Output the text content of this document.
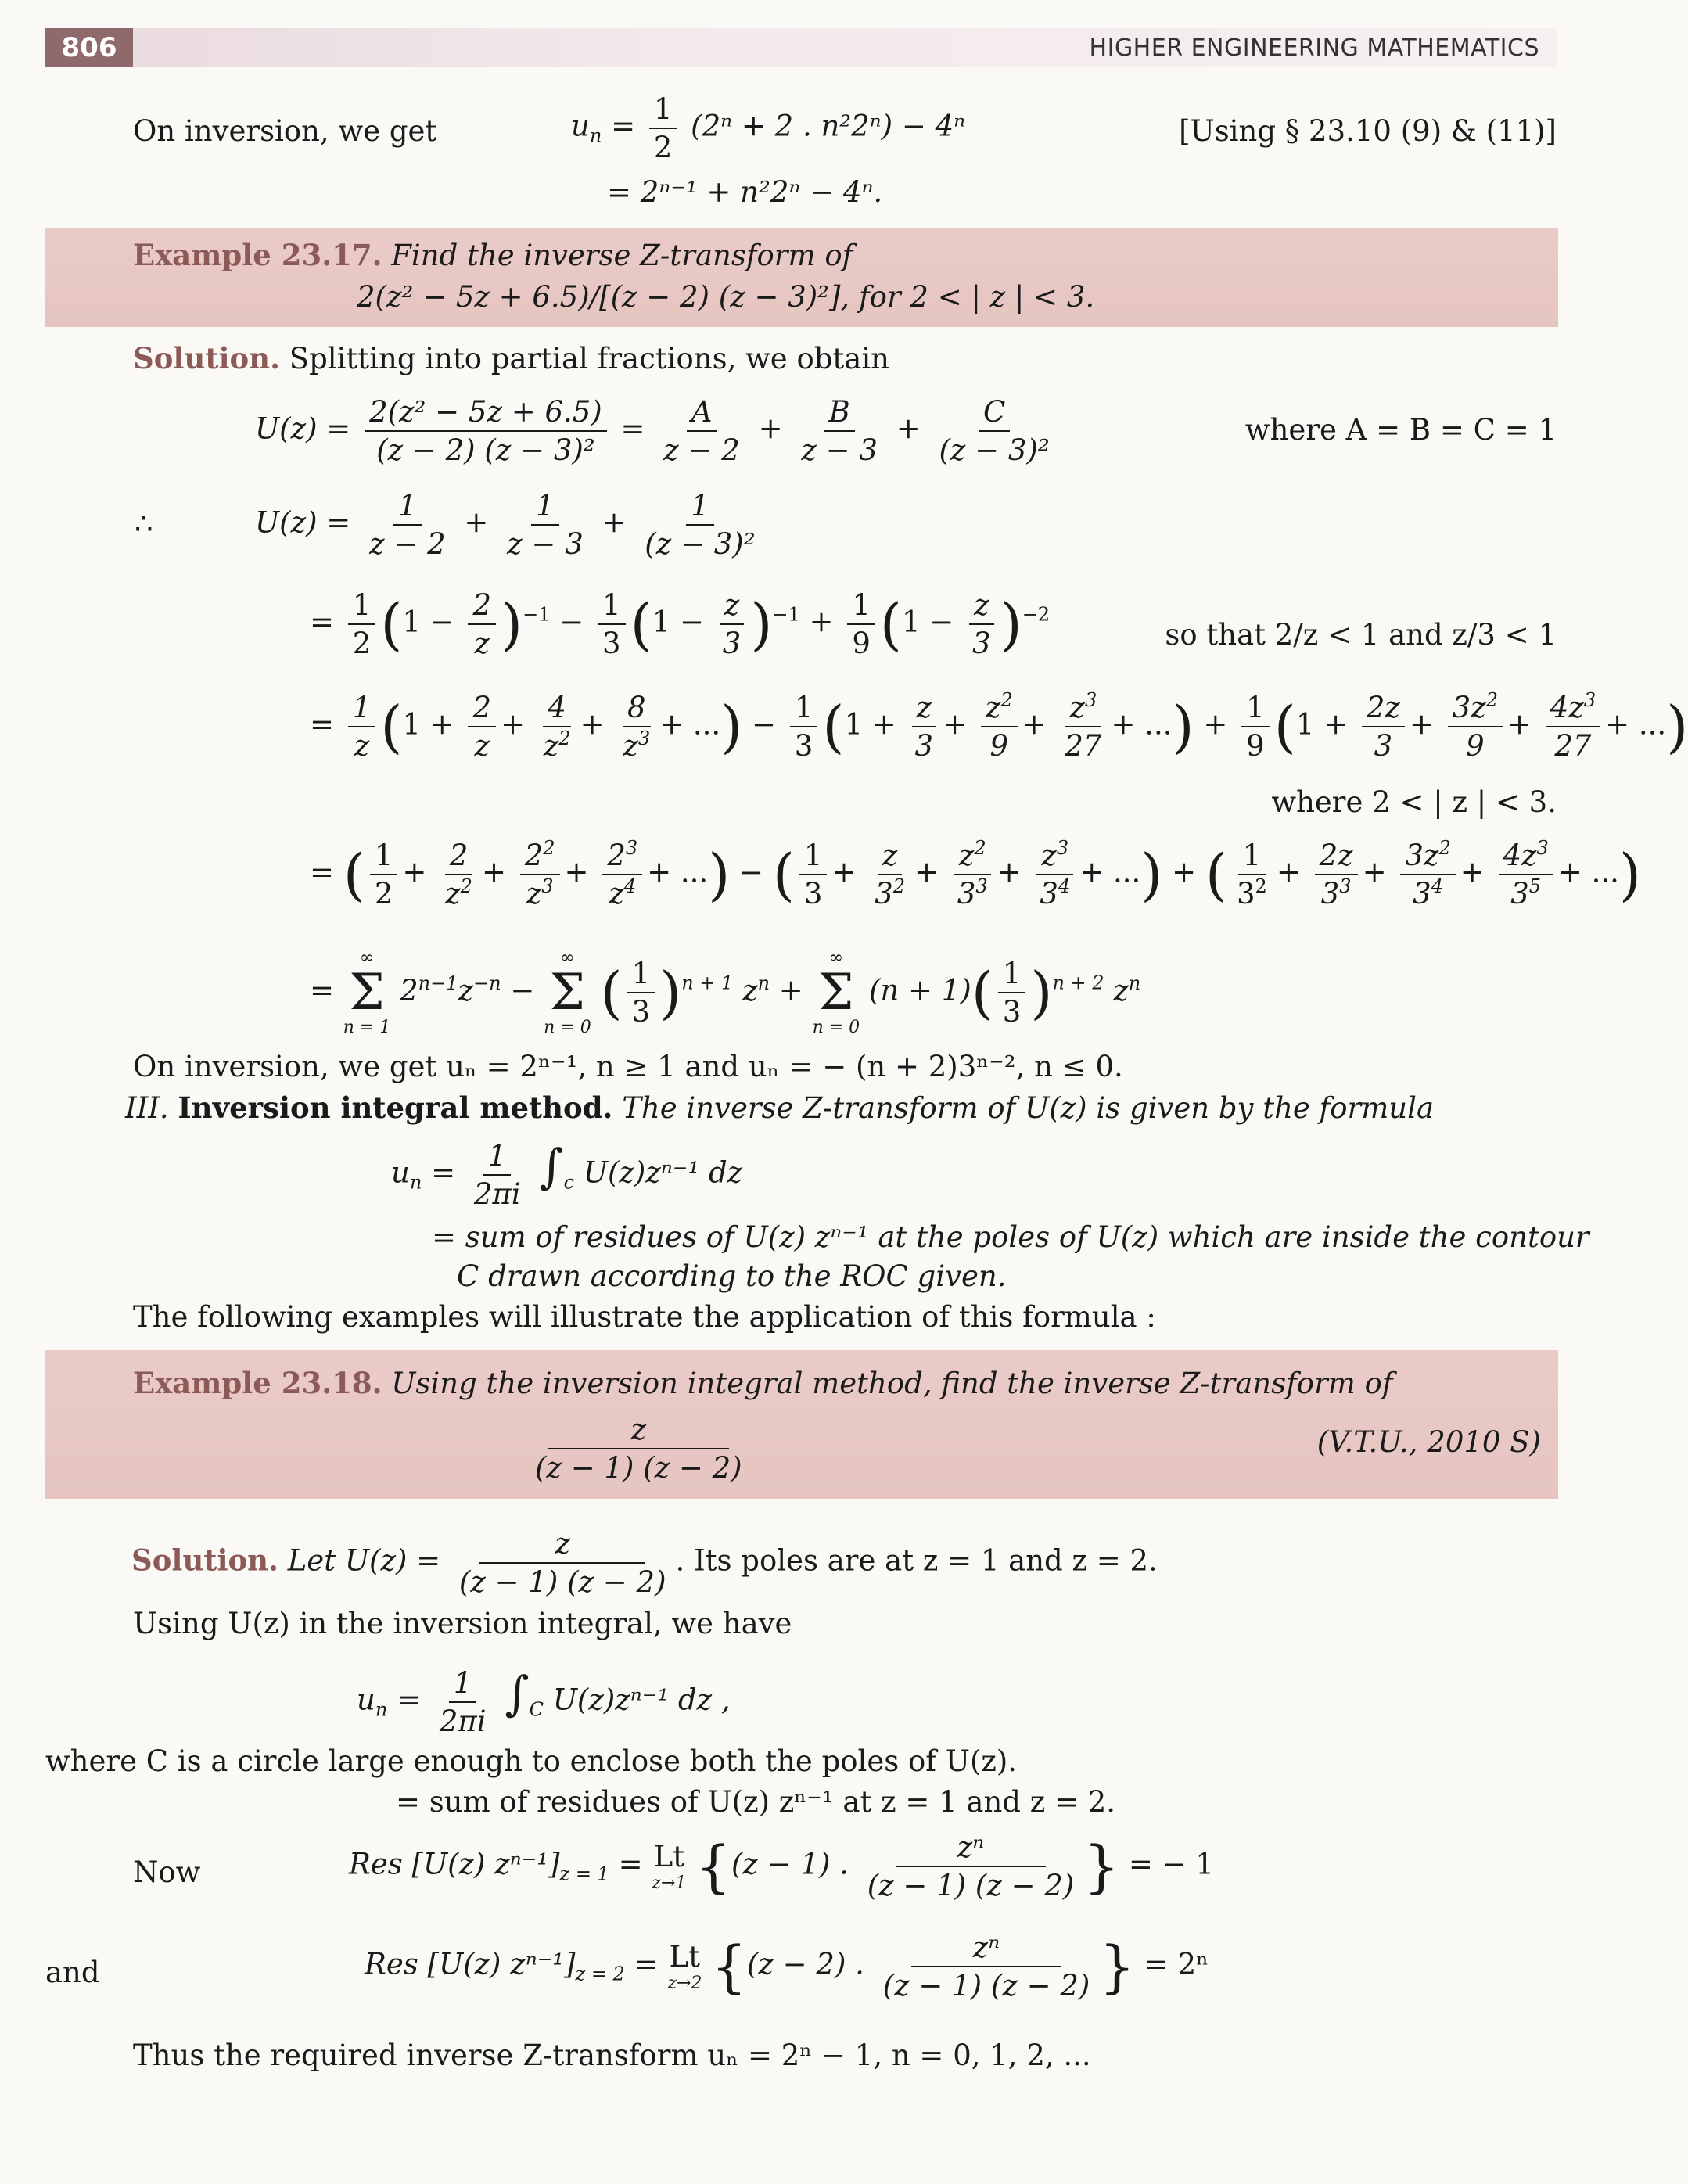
806	HIGHER ENGINEERING MATHEMATICS
On inversion, we get	$u_n = \frac{1}{2} (2^n + 2$ . n²2ⁿ) − 4ⁿ	[Using § 23.10 (9) & (11)]
= 2ⁿ⁻¹ + n²2ⁿ − 4ⁿ.
Example 23.17. Find the inverse Z-transform of
2(z² − 5z + 6.5)/[(z − 2) (z − 3)²], for 2 < | z | < 3.
Solution. Splitting into partial fractions, we obtain
$U(z) = \frac{\text{2(z² − 5z + 6.5)}}{\text{(z − 2) (z − 3)²}} = \frac{A}{z - 2} + \frac{B}{z - 3} + \frac{C}{\text{(z − 3)²}}$	where A = B = C = 1
∴	$U(z) = \frac{1}{z - 2} + \frac{1}{z - 3} + \frac{1}{\text{(z − 3)²}}$
= $\frac{1}{2} (1 - \frac{2}{z} )^{-1} - \frac{1}{3} (1 - \frac{z}{3} )^{-1} + \frac{1}{9} (1 - \frac{z}{3} )^{-2}$
so that 2/z < 1 and z/3 < 1
= $\frac{1}{z} (1 + \frac{2}{z} + \frac{4}{z^2} + \frac{8}{z^3}$ + ...) − $\frac{1}{3} (1 + \frac{z}{3} + \frac{z^2}{9} + \frac{z^3}{27}$ + ...) + $\frac{1}{9} (1 + \frac{2z}{3} + \frac{3z^2}{9} + \frac{4z^3}{27}$ + ...)
where 2 < | z | < 3.
= ( $\frac{1}{2} + \frac{2}{z^2} + \frac{2^2}{z^3} + \frac{2^3}{z^4}$ + ...) − ( $\frac{1}{3} + \frac{z}{3^2} + \frac{z^2}{3^3} + \frac{z^3}{3^4}$ + ...) + ( $\frac{1}{3^2} + \frac{2z}{3^3} + \frac{3z^2}{3^4} + \frac{4z^3}{3^5}$ + ...)
=
∞
Σ
n = 1
$2^{n-1}z^{-n}$ −
∞
Σ
n = 0
( $\frac{1}{3} )^{n + 1}$ $z^n$ +
∞
Σ
n = 0
$(n + 1)( \frac{1}{3} )^{n + 2}$ $z^n$
On inversion, we get uₙ = 2ⁿ⁻¹, n ≥ 1 and uₙ = − (n + 2)3ⁿ⁻², n ≤ 0.
III. Inversion integral method. The inverse Z-transform of U(z) is given by the formula
$u_n = \frac{1}{2\pi i} \int_c$ U(z)zⁿ⁻¹ dz
= sum of residues of U(z) zⁿ⁻¹ at the poles of U(z) which are inside the contour
C drawn according to the ROC given.
The following examples will illustrate the application of this formula :
Example 23.18. Using the inversion integral method, find the inverse Z-transform of
$\frac{z}{(z - 1) (z - 2)}$	(V.T.U., 2010 S)
Solution. Let $U(z) = \frac{z}{(z - 1) (z - 2)}$ . Its poles are at z = 1 and z = 2.
Using U(z) in the inversion integral, we have
$u_n = \frac{1}{2\pi i} \int_C$ U(z)zⁿ⁻¹ dz ,
where C is a circle large enough to enclose both the poles of U(z).
= sum of residues of U(z) zⁿ⁻¹ at z = 1 and z = 2.
Now	Res [U(z) $z^{n-1}]_{z = 1} = Lt$
z→1 {(z − 1) . $\frac{\text{zⁿ}}{(z - 1) (z - 2)}$ } = − 1
and	Res [U(z) $z^{n-1}]_{z = 2} = Lt$
z→2 {(z − 2) . $\frac{\text{zⁿ}}{(z - 1) (z - 2)}$ } = 2ⁿ
Thus the required inverse Z-transform uₙ = 2ⁿ − 1, n = 0, 1, 2, ...
